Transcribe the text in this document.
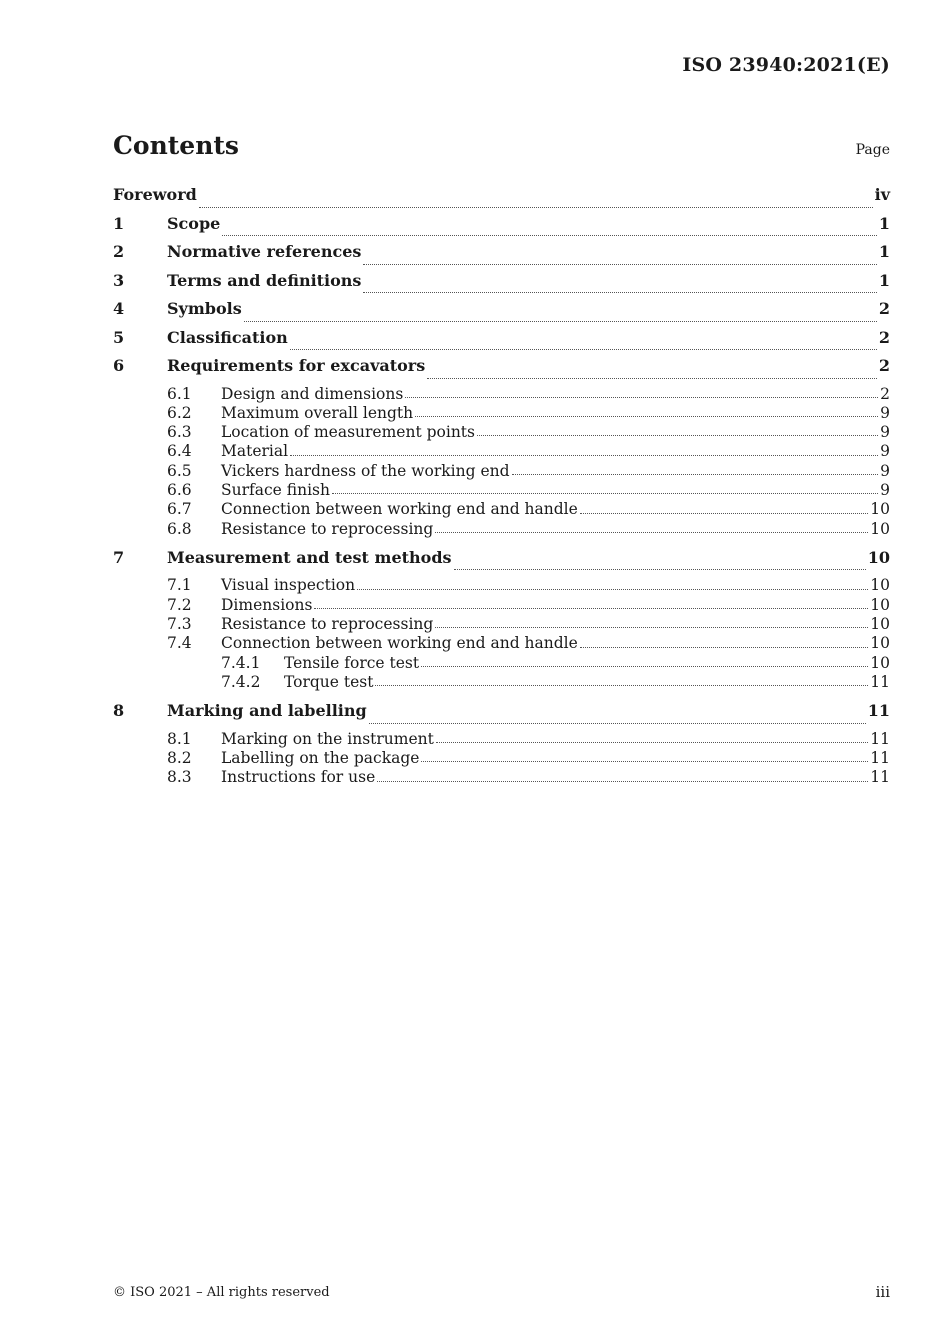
ISO 23940:2021(E)
Contents	Page
Foreword	iv
1	Scope	1
2	Normative references	1
3	Terms and definitions	1
4	Symbols	2
5	Classification	2
6	Requirements for excavators	2
6.1	Design and dimensions	2
6.2	Maximum overall length	9
6.3	Location of measurement points	9
6.4	Material	9
6.5	Vickers hardness of the working end	9
6.6	Surface finish	9
6.7	Connection between working end and handle	10
6.8	Resistance to reprocessing	10
7	Measurement and test methods	10
7.1	Visual inspection	10
7.2	Dimensions	10
7.3	Resistance to reprocessing	10
7.4	Connection between working end and handle	10
7.4.1	Tensile force test	10
7.4.2	Torque test	11
8	Marking and labelling	11
8.1	Marking on the instrument	11
8.2	Labelling on the package	11
8.3	Instructions for use	11
© ISO 2021 – All rights reserved	iii
